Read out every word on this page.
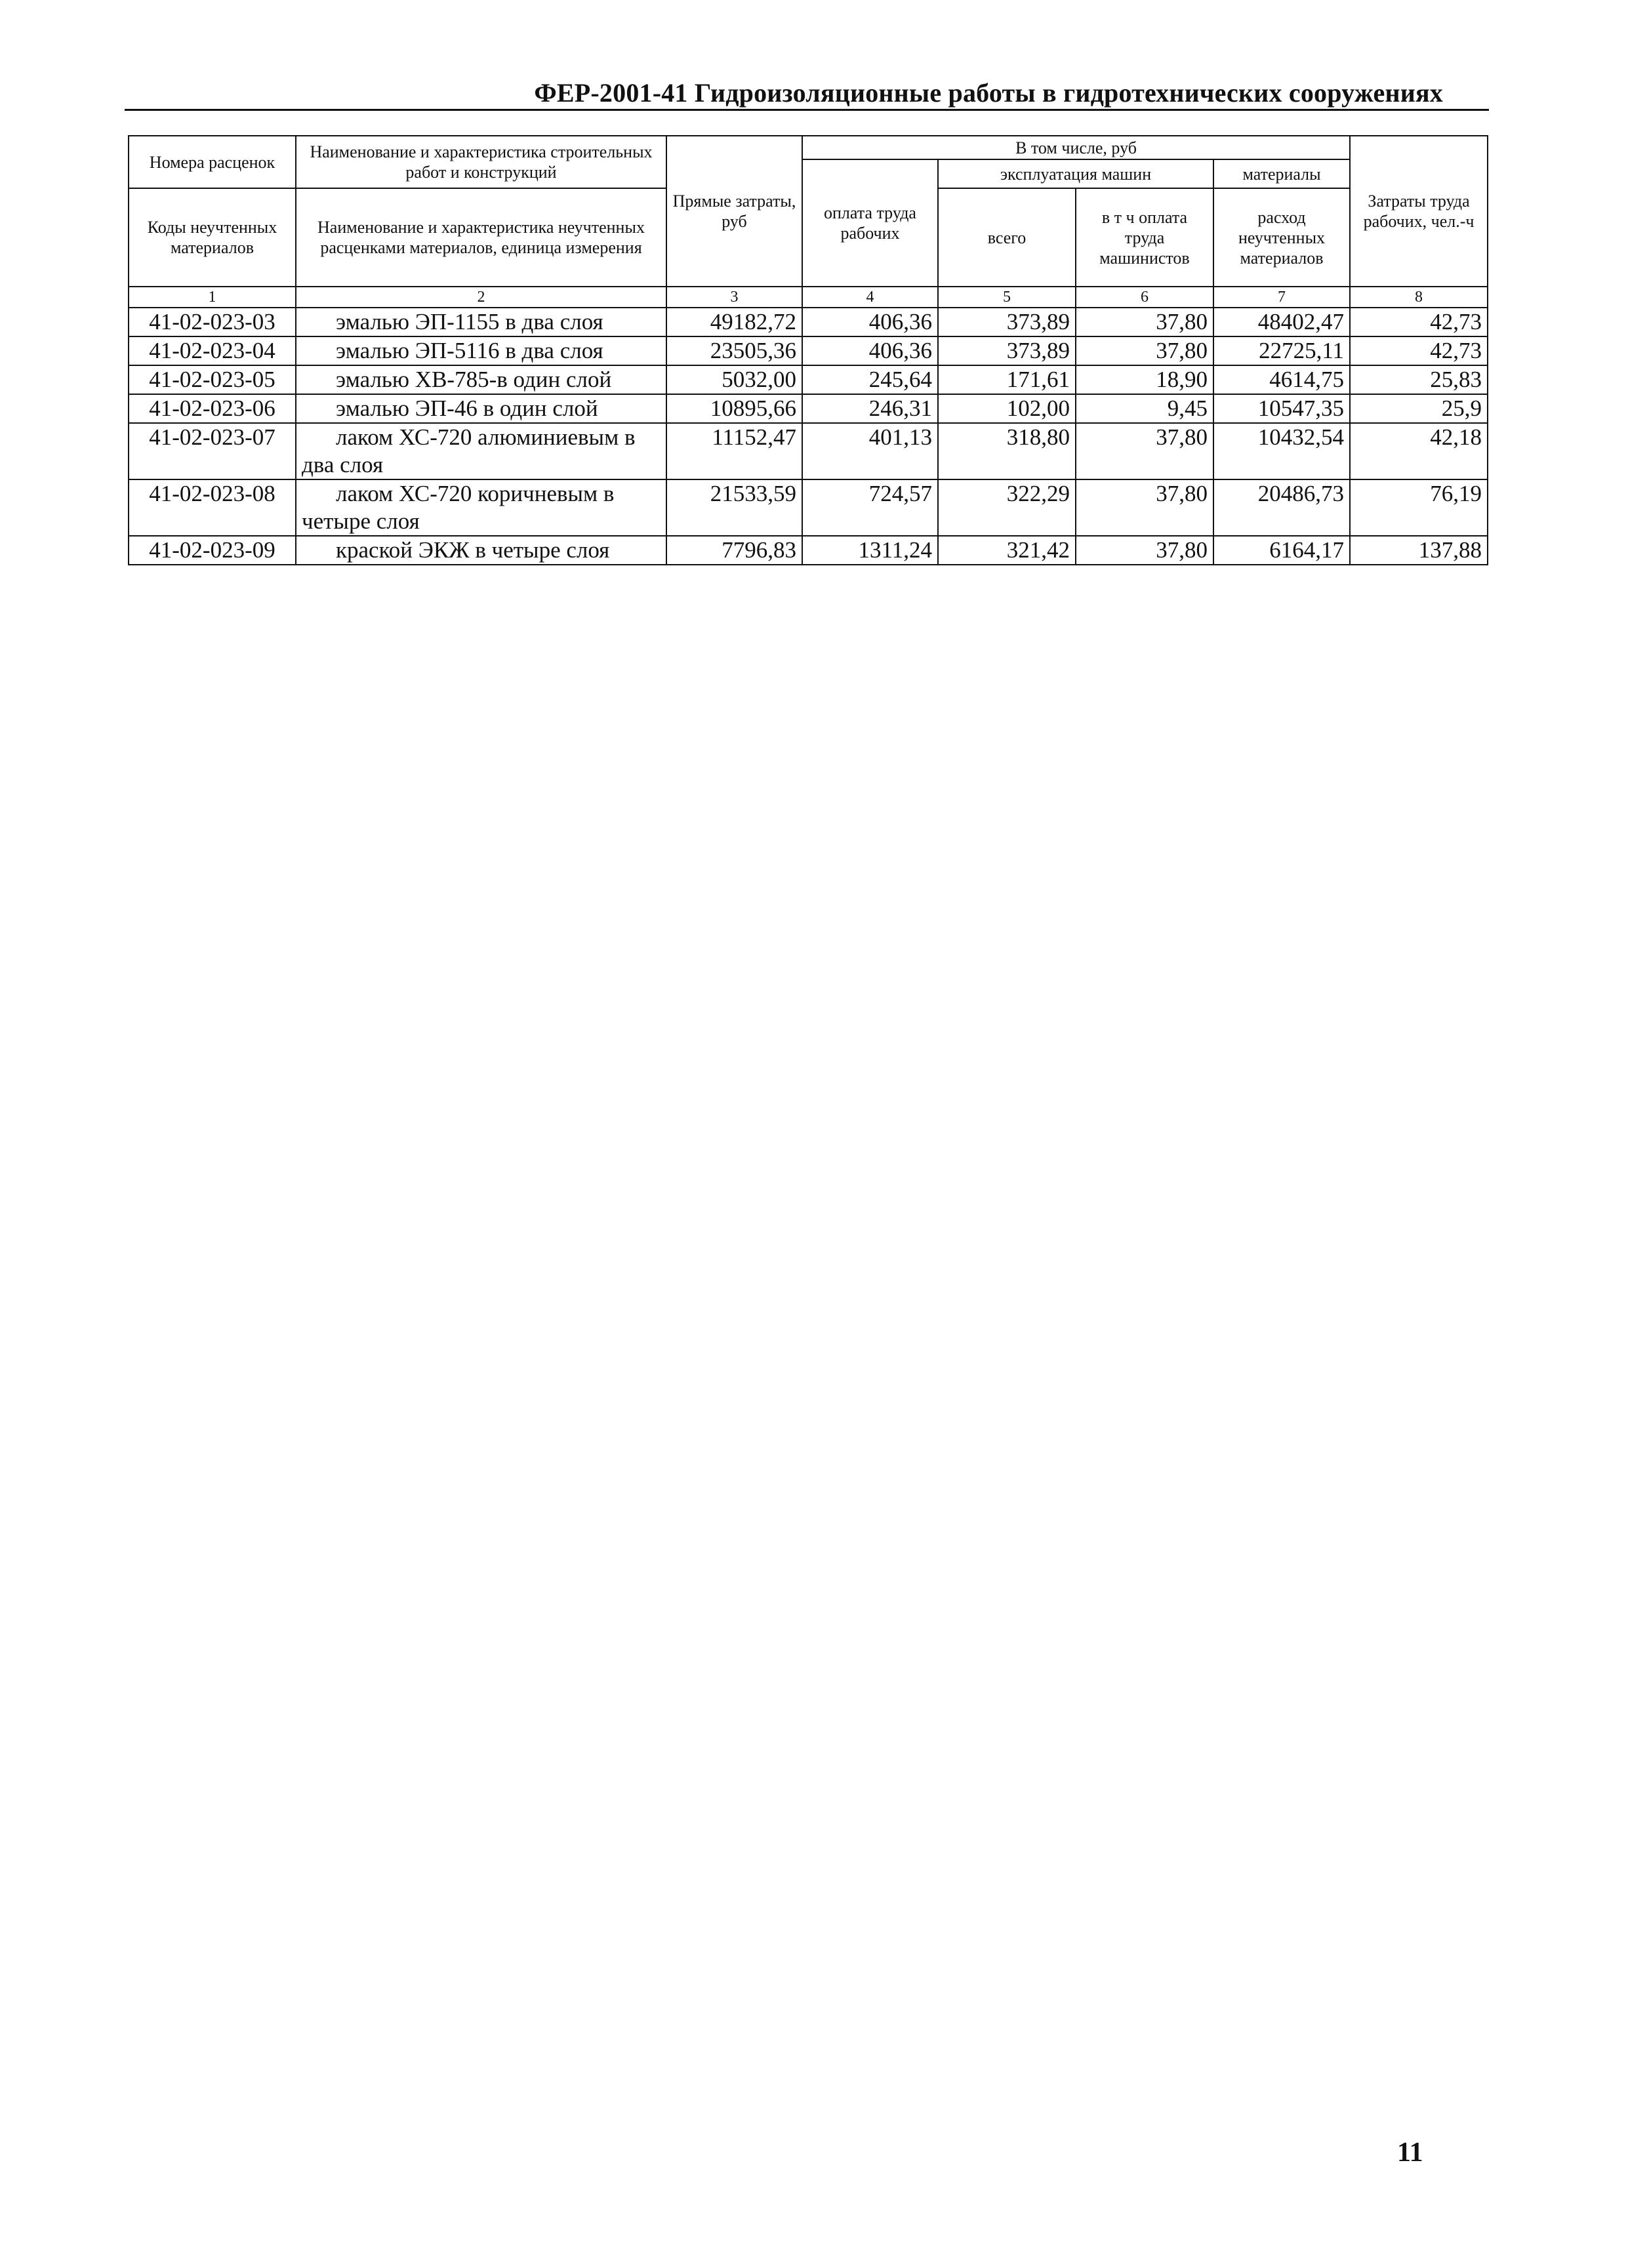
ФЕР-2001-41 Гидроизоляционные работы в гидротехнических сооружениях
Номера расценок	Наименование и характеристика строительных работ и конструкций	Прямые затраты, руб	В том числе, руб				Затраты труда рабочих, чел.-ч
			оплата труда рабочих	эксплуатация машин		материалы	
Коды неучтенных материалов	Наименование и характеристика неучтенных расценками материалов, единица измерения			всего	в т ч оплата труда машинистов	расход неучтенных материалов	

1	2	3	4	5	6	7	8
41-02-023-03	эмалью ЭП-1155 в два слоя	49182,72	406,36	373,89	37,80	48402,47	42,73
41-02-023-04	эмалью ЭП-5116 в два слоя	23505,36	406,36	373,89	37,80	22725,11	42,73
41-02-023-05	эмалью ХВ-785-в один слой	5032,00	245,64	171,61	18,90	4614,75	25,83
41-02-023-06	эмалью ЭП-46 в один слой	10895,66	246,31	102,00	9,45	10547,35	25,9
41-02-023-07	лаком ХС-720 алюминиевым в два слоя	11152,47	401,13	318,80	37,80	10432,54	42,18
41-02-023-08	лаком ХС-720 коричневым в четыре слоя	21533,59	724,57	322,29	37,80	20486,73	76,19
41-02-023-09	краской ЭКЖ в четыре слоя	7796,83	1311,24	321,42	37,80	6164,17	137,88
11
